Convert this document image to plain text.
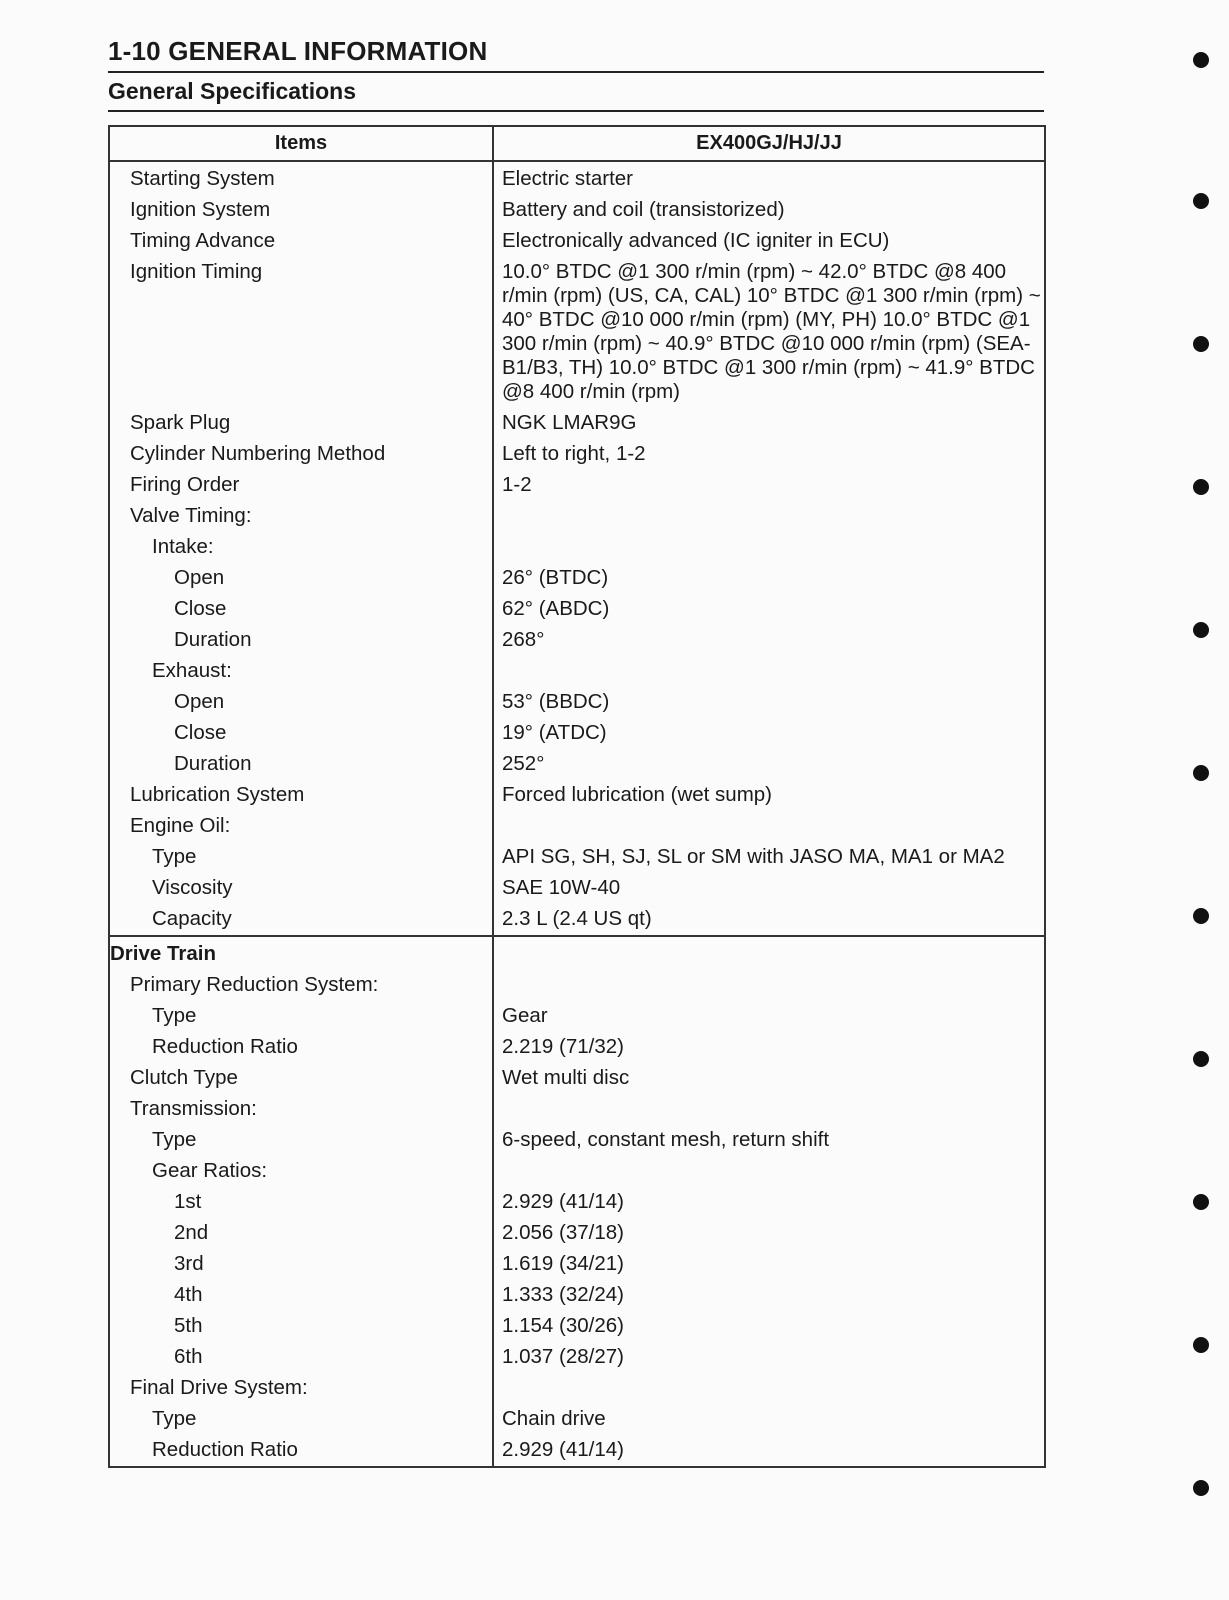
1-10 GENERAL INFORMATION
General Specifications
Items	EX400GJ/HJ/JJ
Starting System
Ignition System
Timing Advance
Ignition Timing
Spark Plug
Cylinder Numbering Method
Firing Order
Valve Timing:
Intake:
Open
Close
Duration
Exhaust:
Open
Close
Duration
Lubrication System
Engine Oil:
Type
Viscosity
Capacity
Electric starter
Battery and coil (transistorized)
Electronically advanced (IC igniter in ECU)
10.0° BTDC @1 300 r/min (rpm) ~ 42.0° BTDC @8 400 r/min (rpm) (US, CA, CAL) 10° BTDC @1 300 r/min (rpm) ~ 40° BTDC @10 000 r/min (rpm) (MY, PH) 10.0° BTDC @1 300 r/min (rpm) ~ 40.9° BTDC @10 000 r/min (rpm) (SEA-B1/B3, TH) 10.0° BTDC @1 300 r/min (rpm) ~ 41.9° BTDC @8 400 r/min (rpm)
NGK LMAR9G
Left to right, 1-2
1-2
26° (BTDC)
62° (ABDC)
268°
53° (BBDC)
19° (ATDC)
252°
Forced lubrication (wet sump)
API SG, SH, SJ, SL or SM with JASO MA, MA1 or MA2
SAE 10W-40
2.3 L (2.4 US qt)
Drive Train
Primary Reduction System:
Type
Reduction Ratio
Clutch Type
Transmission:
Type
Gear Ratios:
1st
2nd
3rd
4th
5th
6th
Final Drive System:
Type
Reduction Ratio
Gear
2.219 (71/32)
Wet multi disc
6-speed, constant mesh, return shift
2.929 (41/14)
2.056 (37/18)
1.619 (34/21)
1.333 (32/24)
1.154 (30/26)
1.037 (28/27)
Chain drive
2.929 (41/14)
